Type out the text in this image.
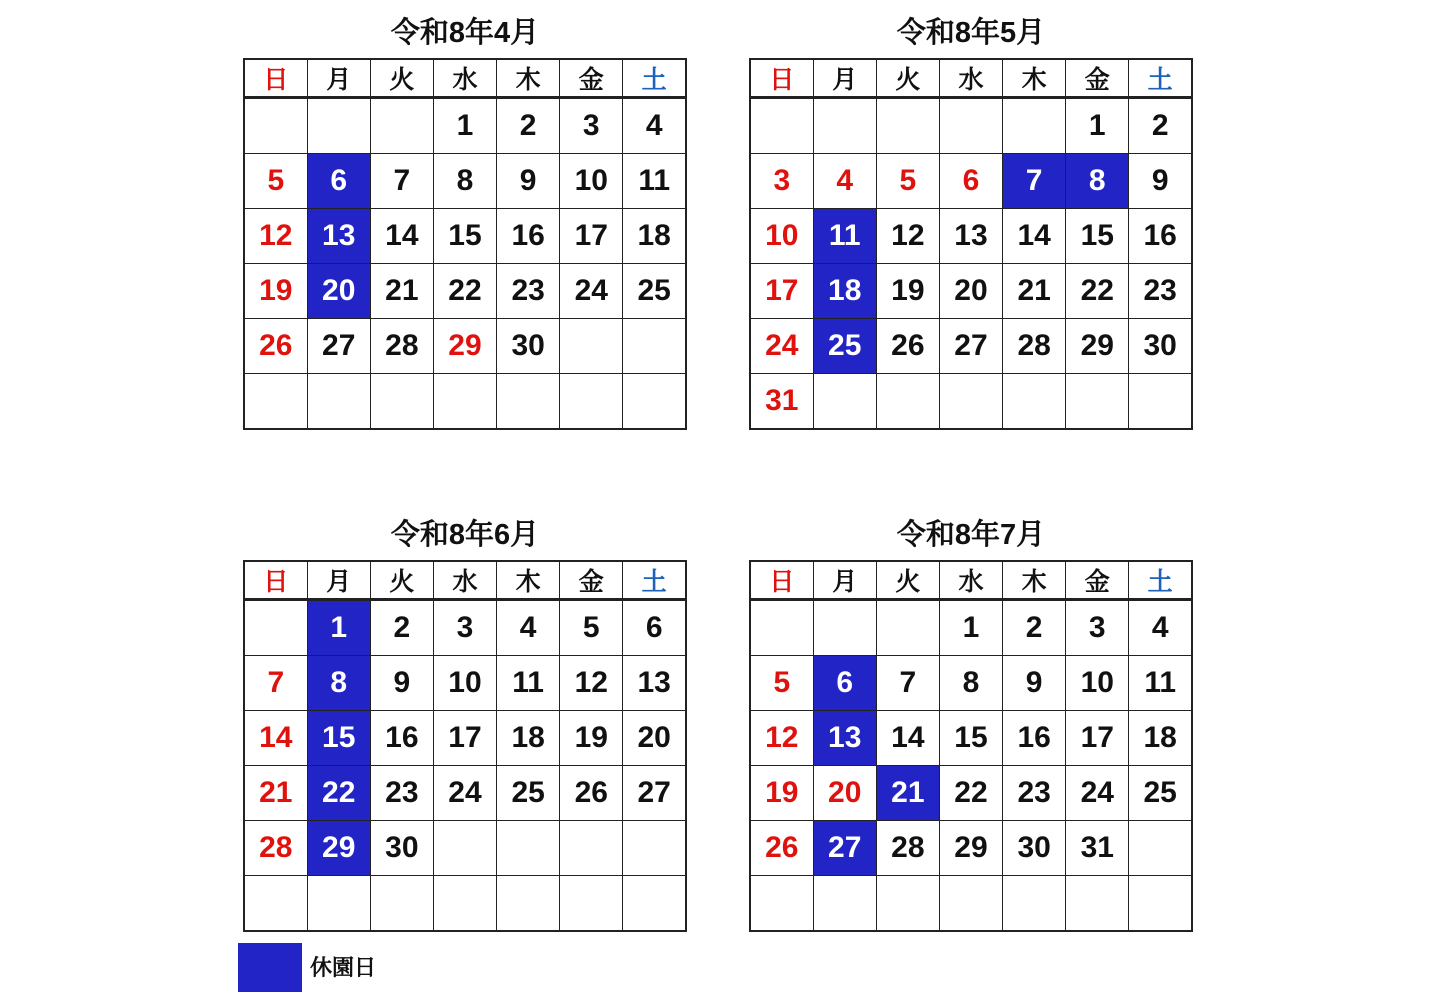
令和8年4月
日	月	火	水	木	金	土
			1	2	3	4
5	6	7	8	9	10	11
12	13	14	15	16	17	18
19	20	21	22	23	24	25
26	27	28	29	30		

令和8年5月
日	月	火	水	木	金	土
					1	2
3	4	5	6	7	8	9
10	11	12	13	14	15	16
17	18	19	20	21	22	23
24	25	26	27	28	29	30
31						
令和8年6月
日	月	火	水	木	金	土
	1	2	3	4	5	6
7	8	9	10	11	12	13
14	15	16	17	18	19	20
21	22	23	24	25	26	27
28	29	30				

令和8年7月
日	月	火	水	木	金	土
			1	2	3	4
5	6	7	8	9	10	11
12	13	14	15	16	17	18
19	20	21	22	23	24	25
26	27	28	29	30	31	

休園日
